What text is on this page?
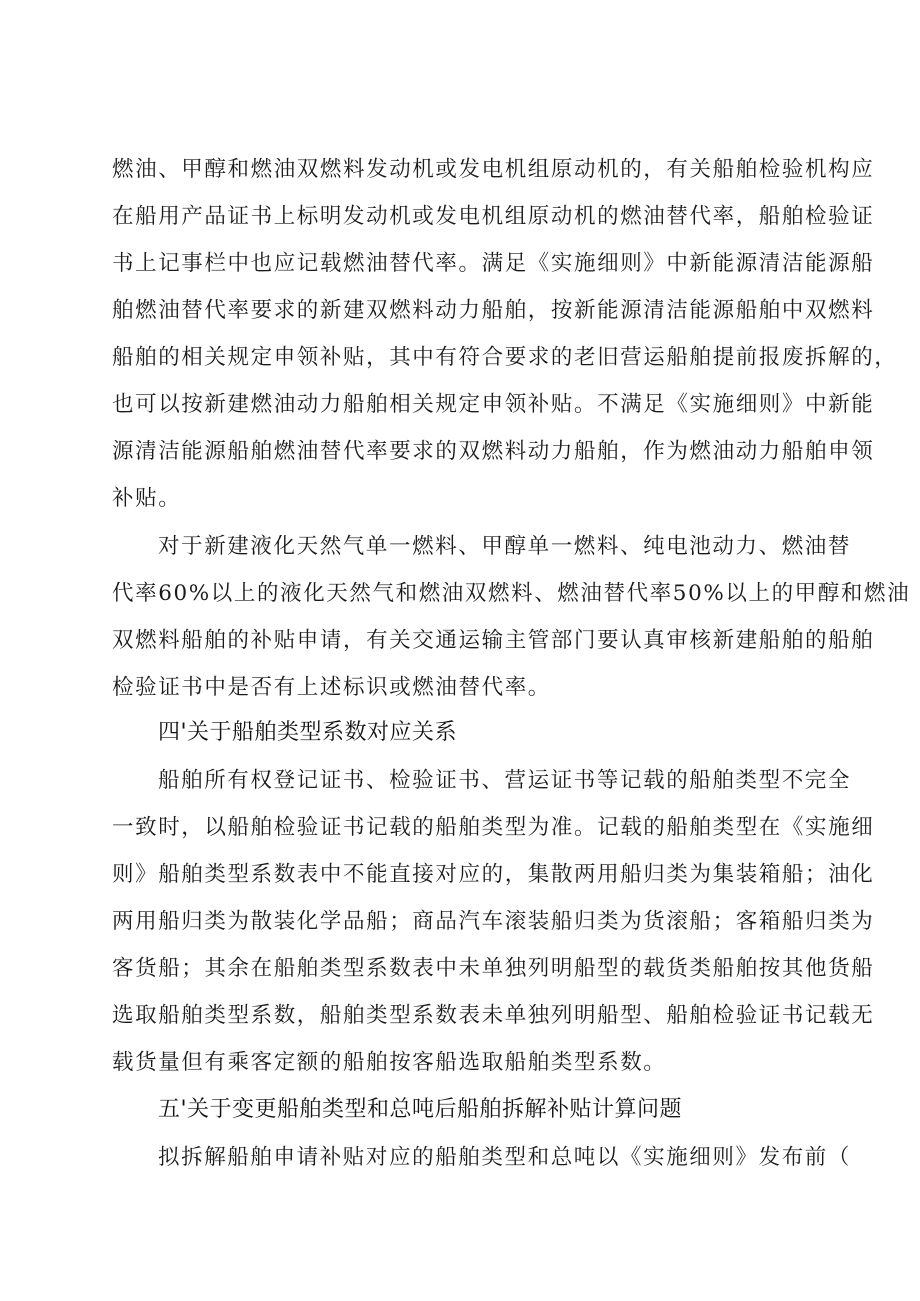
燃油、甲醇和燃油双燃料发动机或发电机组原动机的，有关船舶检验机构应
在船用产品证书上标明发动机或发电机组原动机的燃油替代率，船舶检验证
书上记事栏中也应记载燃油替代率。满足《实施细则》中新能源清洁能源船
舶燃油替代率要求的新建双燃料动力船舶，按新能源清洁能源船舶中双燃料
船舶的相关规定申领补贴，其中有符合要求的老旧营运船舶提前报废拆解的，
也可以按新建燃油动力船舶相关规定申领补贴。不满足《实施细则》中新能
源清洁能源船舶燃油替代率要求的双燃料动力船舶，作为燃油动力船舶申领
补贴。
对于新建液化天然气单一燃料、甲醇单一燃料、纯电池动力、燃油替
代率60%以上的液化天然气和燃油双燃料、燃油替代率50%以上的甲醇和燃油
双燃料船舶的补贴申请，有关交通运输主管部门要认真审核新建船舶的船舶
检验证书中是否有上述标识或燃油替代率。
四'关于船舶类型系数对应关系
船舶所有权登记证书、检验证书、营运证书等记载的船舶类型不完全
一致时，以船舶检验证书记载的船舶类型为准。记载的船舶类型在《实施细
则》船舶类型系数表中不能直接对应的，集散两用船归类为集装箱船；油化
两用船归类为散装化学品船；商品汽车滚装船归类为货滚船；客箱船归类为
客货船；其余在船舶类型系数表中未单独列明船型的载货类船舶按其他货船
选取船舶类型系数，船舶类型系数表未单独列明船型、船舶检验证书记载无
载货量但有乘客定额的船舶按客船选取船舶类型系数。
五'关于变更船舶类型和总吨后船舶拆解补贴计算问题
拟拆解船舶申请补贴对应的船舶类型和总吨以《实施细则》发布前（
